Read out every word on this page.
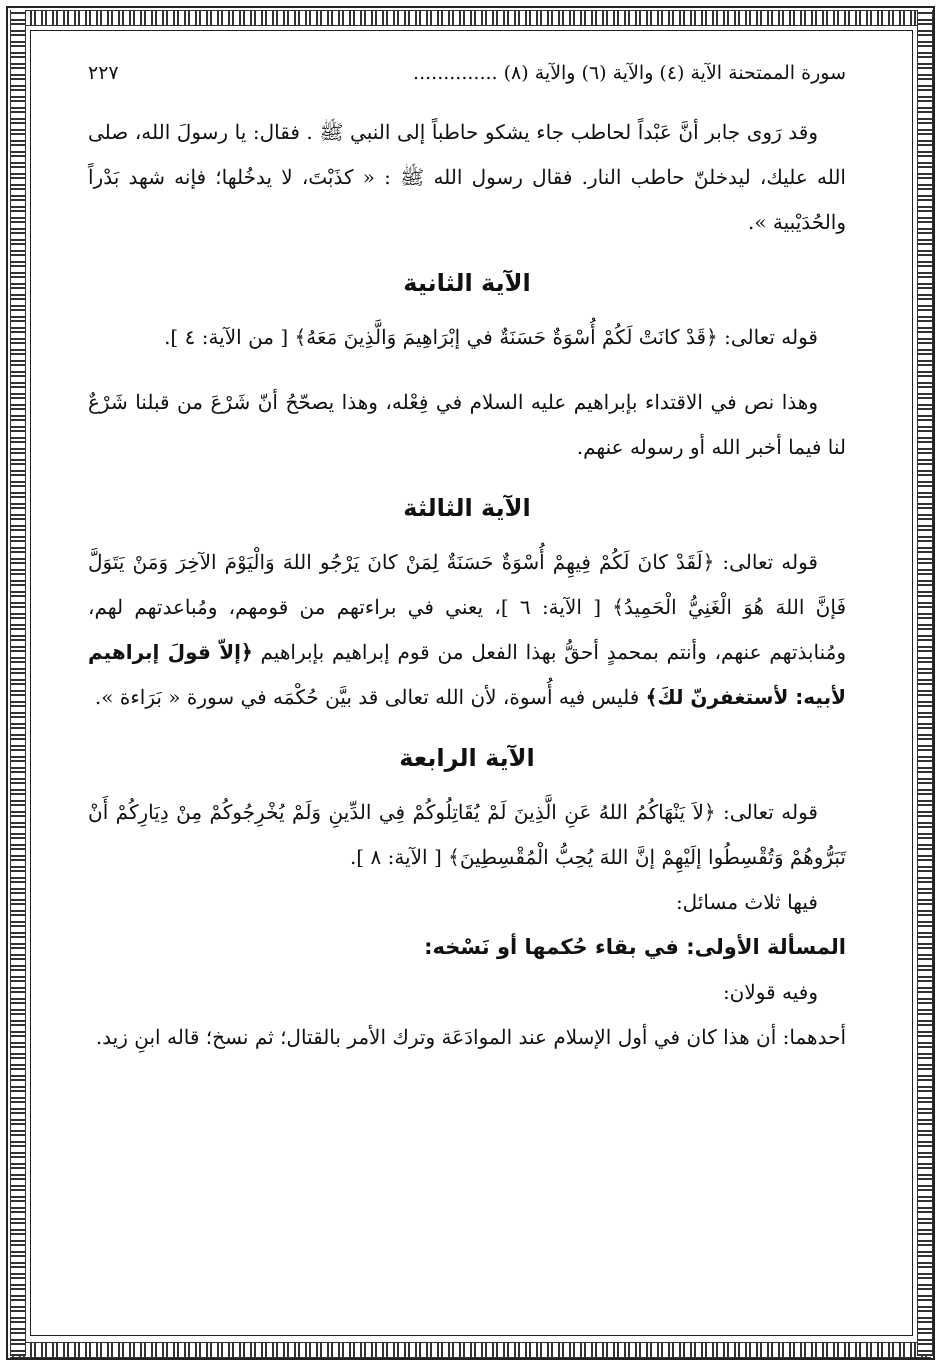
سورة الممتحنة الآية (٤) والآية (٦) والآية (٨) ..............
٢٢٧

وقد رَوى جابر أنَّ عَبْداً لحاطب جاء يشكو حاطباً إلى النبي ﷺ . فقال: يا رسولَ الله، صلى الله عليك، ليدخلنّ حاطب النار. فقال رسول الله ﷺ : « كذَبْتَ، لا يدخُلها؛ فإنه شهد بَدْراً والحُدَيْبية ».

الآية الثانية

قوله تعالى: ﴿قَدْ كانَتْ لَكُمْ أُسْوَةٌ حَسَنَةٌ في إبْرَاهِيمَ وَالَّذِينَ مَعَهُ﴾ [ من الآية: ٤ ].

وهذا نص في الاقتداء بإبراهيم عليه السلام في فِعْله، وهذا يصحّحُ أنّ شَرْعَ من قبلنا شَرْعٌ لنا فيما أخبر الله أو رسوله عنهم.

الآية الثالثة

قوله تعالى: ﴿لَقَدْ كانَ لَكُمْ فِيهِمْ أُسْوَةٌ حَسَنَةٌ لِمَنْ كانَ يَرْجُو اللهَ وَالْيَوْمَ الآخِرَ وَمَنْ يَتَوَلَّ فَإنَّ اللهَ هُوَ الْغَنِيُّ الْحَمِيدُ﴾ [ الآية: ٦ ]، يعني في براءتهم من قومهم، ومُباعدتهم لهم، ومُنابذتهم عنهم، وأنتم بمحمدٍ أحقُّ بهذا الفعل من قوم إبراهيم بإبراهيم ﴿إلاّ قولَ إبراهيم لأبيه: لأستغفرنّ لكَ﴾ فليس فيه أُسوة، لأن الله تعالى قد بيَّن حُكْمَه في سورة « بَرَاءة ».

الآية الرابعة

قوله تعالى: ﴿لاَ يَنْهَاكُمُ اللهُ عَنِ الَّذِينَ لَمْ يُقَاتِلُوكُمْ فِي الدِّينِ وَلَمْ يُخْرِجُوكُمْ مِنْ دِيَارِكُمْ أَنْ تَبَرُّوهُمْ وَتُقْسِطُوا إلَيْهِمْ إنَّ اللهَ يُحِبُّ الْمُقْسِطِينَ﴾ [ الآية: ٨ ].

فيها ثلاث مسائل:

المسألة الأولى: في بقاء حُكمها أو نَسْخه:

وفيه قولان:

أحدهما: أن هذا كان في أول الإسلام عند الموادَعَة وترك الأمر بالقتال؛ ثم نسخ؛ قاله ابنِ زيد.
